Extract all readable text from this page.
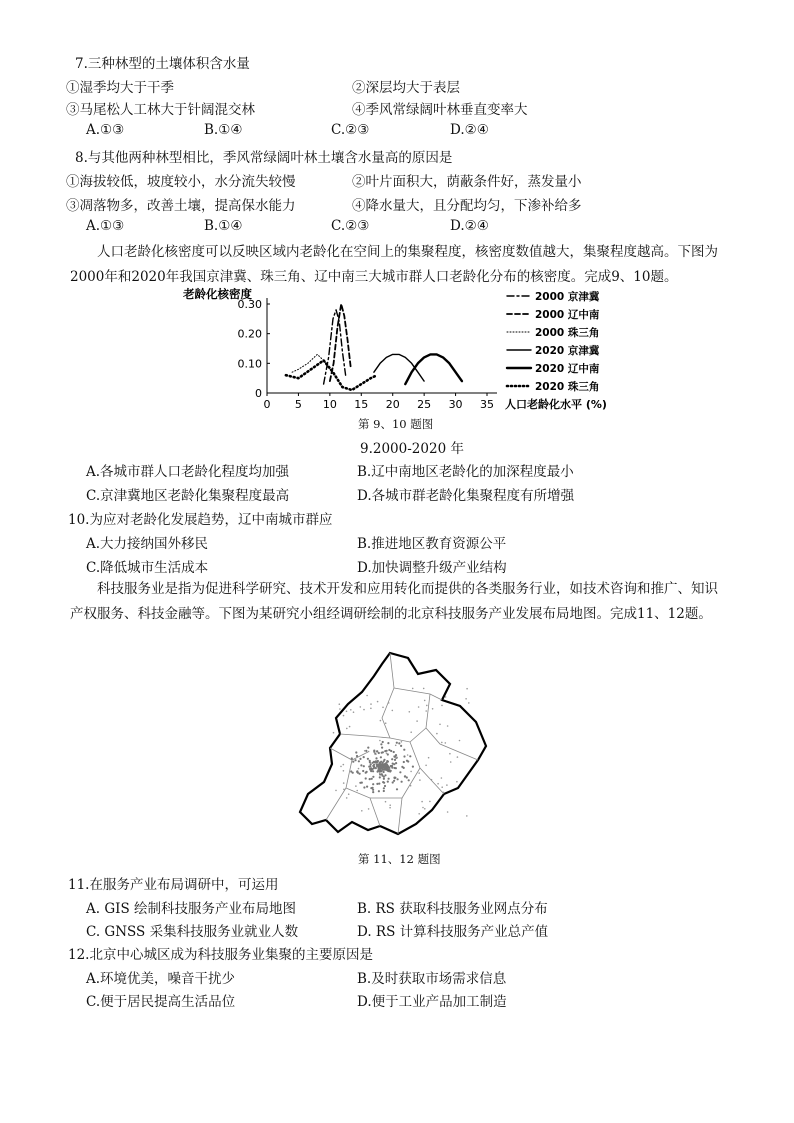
7.三种林型的土壤体积含水量
①湿季均大于干季	②深层均大于表层
③马尾松人工林大于针阔混交林	④季风常绿阔叶林垂直变率大
A.①③	B.①④	C.②③	D.②④
8.与其他两种林型相比，季风常绿阔叶林土壤含水量高的原因是
①海拔较低，坡度较小，水分流失较慢	②叶片面积大，荫蔽条件好，蒸发量小
③凋落物多，改善土壤，提高保水能力	④降水量大，且分配均匀，下渗补给多
A.①③	B.①④	C.②③	D.②④
人口老龄化核密度可以反映区域内老龄化在空间上的集聚程度，核密度数值越大，集聚程度越高。下图为2000年和2020年我国京津冀、珠三角、辽中南三大城市群人口老龄化分布的核密度。完成9、10题。
老龄化核密度
0 5 10 15 20 25 30 35
0
0.10
0.20
0.30
人口老龄化水平 (%)
2000 京津冀
2000 辽中南
2000 珠三角
2020 京津冀
2020 辽中南
2020 珠三角
第 9、10 题图
9.2000-2020 年
A.各城市群人口老龄化程度均加强	B.辽中南地区老龄化的加深程度最小
C.京津冀地区老龄化集聚程度最高	D.各城市群老龄化集聚程度有所增强
10.为应对老龄化发展趋势，辽中南城市群应
A.大力接纳国外移民	B.推进地区教育资源公平
C.降低城市生活成本	D.加快调整升级产业结构
科技服务业是指为促进科学研究、技术开发和应用转化而提供的各类服务行业，如技术咨询和推广、知识产权服务、科技金融等。下图为某研究小组经调研绘制的北京科技服务产业发展布局地图。完成11、12题。
第 11、12 题图
11.在服务产业布局调研中，可运用
A. GIS 绘制科技服务产业布局地图	B. RS 获取科技服务业网点分布
C. GNSS 采集科技服务业就业人数	D. RS 计算科技服务产业总产值
12.北京中心城区成为科技服务业集聚的主要原因是
A.环境优美，噪音干扰少	B.及时获取市场需求信息
C.便于居民提高生活品位	D.便于工业产品加工制造
